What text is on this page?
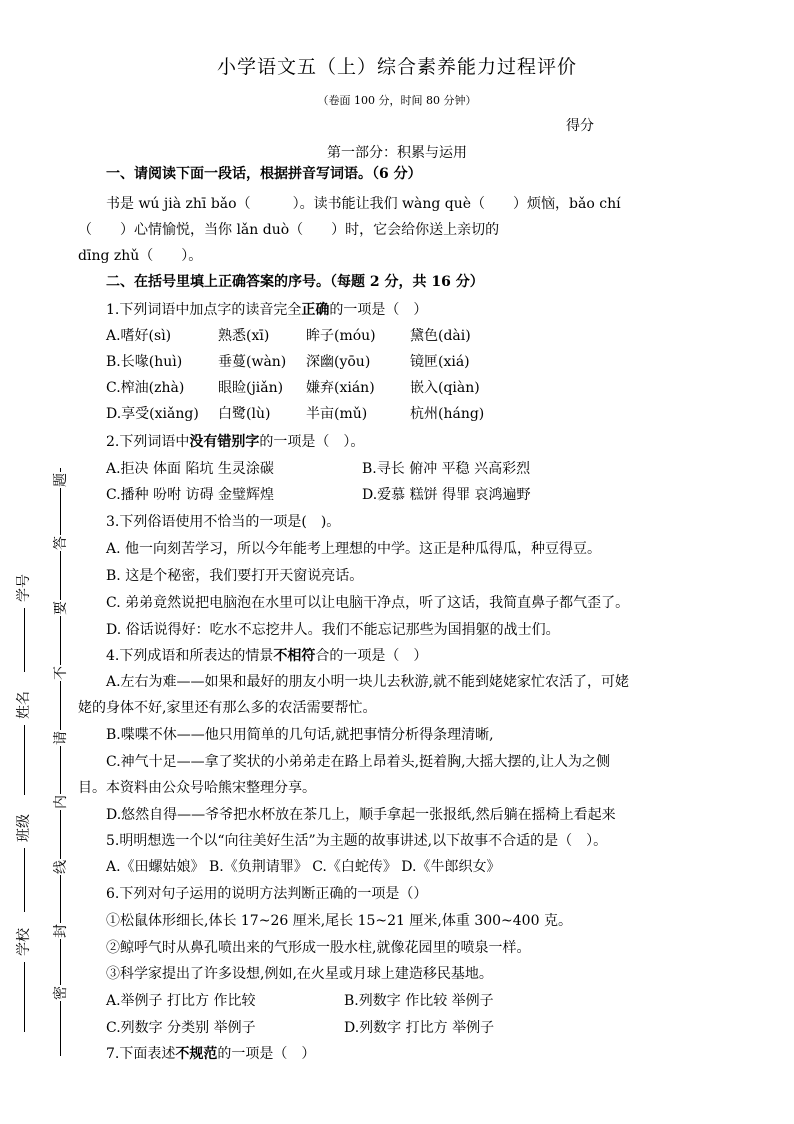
小学语文五（上）综合素养能力过程评价
（卷面 100 分，时间 80 分钟）
得分
第一部分：积累与运用
一、请阅读下面一段话，根据拼音写词语。（6 分）
书是 wú jià zhī bǎo（　　　）。读书能让我们 wàng què（　　）烦恼，bǎo chí
（　　）心情愉悦，当你 lǎn duò（　　）时，它会给你送上亲切的
dīng zhǔ（　　）。
二、在括号里填上正确答案的序号。（每题 2 分，共 16 分）
1.下列词语中加点字的读音完全正确的一项是（　）
A.嗜好(sì)	熟悉(xī)	眸子(móu) 黛色(dài)
B.长喙(huì)	垂蔓(wàn) 深幽(yōu)	镜匣(xiá)
C.榨油(zhà) 眼睑(jiǎn) 嫌弃(xián)	嵌入(qiàn)
D.享受(xiǎng) 白鹭(lù)	半亩(mǔ)	杭州(háng)
2.下列词语中没有错别字的一项是（　）。
A.拒决 体面 陷坑 生灵涂碳	B.寻长 俯冲 平稳 兴高彩烈
C.播种 吩咐 访碍 金璧辉煌	D.爱慕 糕饼 得罪 哀鸿遍野
3.下列俗语使用不恰当的一项是(　)。
A. 他一向刻苦学习，所以今年能考上理想的中学。这正是种瓜得瓜，种豆得豆。
B. 这是个秘密，我们要打开天窗说亮话。
C. 弟弟竟然说把电脑泡在水里可以让电脑干净点，听了这话，我简直鼻子都气歪了。
D. 俗话说得好：吃水不忘挖井人。我们不能忘记那些为国捐躯的战士们。
4.下列成语和所表达的情景不相符合的一项是（　）
A.左右为难——如果和最好的朋友小明一块儿去秋游,就不能到姥姥家忙农活了，可姥
姥的身体不好,家里还有那么多的农活需要帮忙。
B.喋喋不休——他只用简单的几句话,就把事情分析得条理清晰,
C.神气十足——拿了奖状的小弟弟走在路上昂着头,挺着胸,大摇大摆的,让人为之侧
目。本资料由公众号哈熊宋整理分享。
D.悠然自得——爷爷把水杯放在茶几上，顺手拿起一张报纸,然后躺在摇椅上看起来
5.明明想选一个以“向往美好生活”为主题的故事讲述,以下故事不合适的是（　）。
A.《田螺姑娘》 B.《负荆请罪》 C.《白蛇传》 D.《牛郎织女》
6.下列对句子运用的说明方法判断正确的一项是（）
①松鼠体形细长,体长 17~26 厘米,尾长 15~21 厘米,体重 300~400 克。
②鲸呼气时从鼻孔喷出来的气形成一股水柱,就像花园里的喷泉一样。
③科学家提出了许多设想,例如,在火星或月球上建造移民基地。
A.举例子 打比方 作比较	B.列数字 作比较 举例子
C.列数字 分类别 举例子	D.列数字 打比方 举例子
7.下面表述不规范的一项是（　）
题
答
要
不
请
内
线
封
密
学号
姓名
班级
学校
